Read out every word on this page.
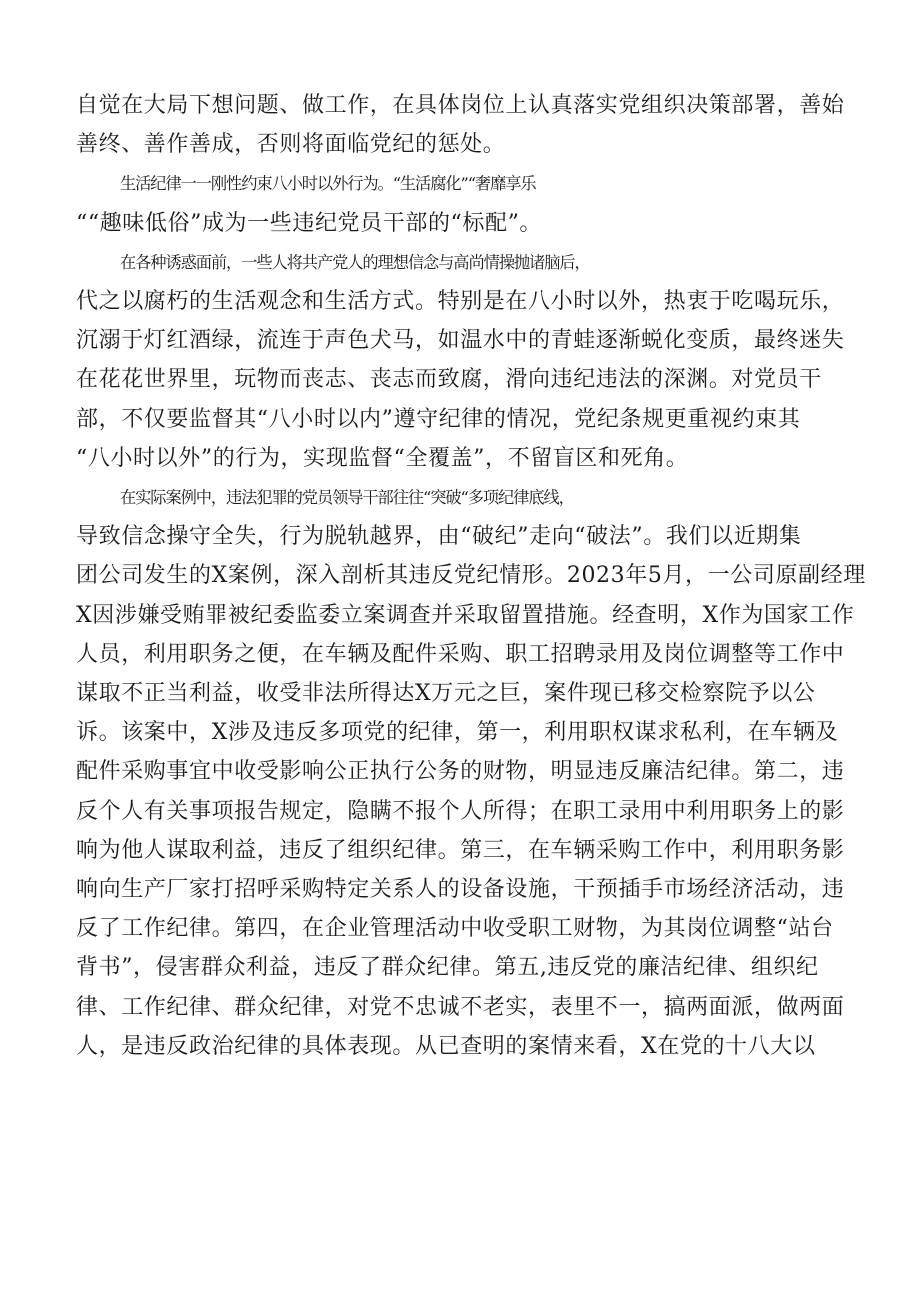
自觉在大局下想问题、做工作，在具体岗位上认真落实党组织决策部署，善始
善终、善作善成，否则将面临党纪的惩处。
生活纪律一一刚性约束八小时以外行为。“生活腐化”“奢靡享乐
““趣味低俗”成为一些违纪党员干部的“标配”。
在各种诱惑面前，一些人将共产党人的理想信念与高尚情操抛诸脑后，
代之以腐朽的生活观念和生活方式。特别是在八小时以外，热衷于吃喝玩乐，
沉溺于灯红酒绿，流连于声色犬马，如温水中的青蛙逐渐蜕化变质，最终迷失
在花花世界里，玩物而丧志、丧志而致腐，滑向违纪违法的深渊。对党员干
部，不仅要监督其“八小时以内”遵守纪律的情况，党纪条规更重视约束其
“八小时以外”的行为，实现监督“全覆盖”，不留盲区和死角。
在实际案例中，违法犯罪的党员领导干部往往“突破“多项纪律底线，
导致信念操守全失，行为脱轨越界，由“破纪”走向“破法”。我们以近期集
团公司发生的X案例，深入剖析其违反党纪情形。2023年5月，一公司原副经理
X因涉嫌受贿罪被纪委监委立案调查并采取留置措施。经查明，X作为国家工作
人员，利用职务之便，在车辆及配件采购、职工招聘录用及岗位调整等工作中
谋取不正当利益，收受非法所得达X万元之巨，案件现已移交检察院予以公
诉。该案中，X涉及违反多项党的纪律，第一，利用职权谋求私利，在车辆及
配件采购事宜中收受影响公正执行公务的财物，明显违反廉洁纪律。第二，违
反个人有关事项报告规定，隐瞒不报个人所得；在职工录用中利用职务上的影
响为他人谋取利益，违反了组织纪律。第三，在车辆采购工作中，利用职务影
响向生产厂家打招呼采购特定关系人的设备设施，干预插手市场经济活动，违
反了工作纪律。第四，在企业管理活动中收受职工财物，为其岗位调整“站台
背书”，侵害群众利益，违反了群众纪律。第五,违反党的廉洁纪律、组织纪
律、工作纪律、群众纪律，对党不忠诚不老实，表里不一，搞两面派，做两面
人，是违反政治纪律的具体表现。从已查明的案情来看，X在党的十八大以
